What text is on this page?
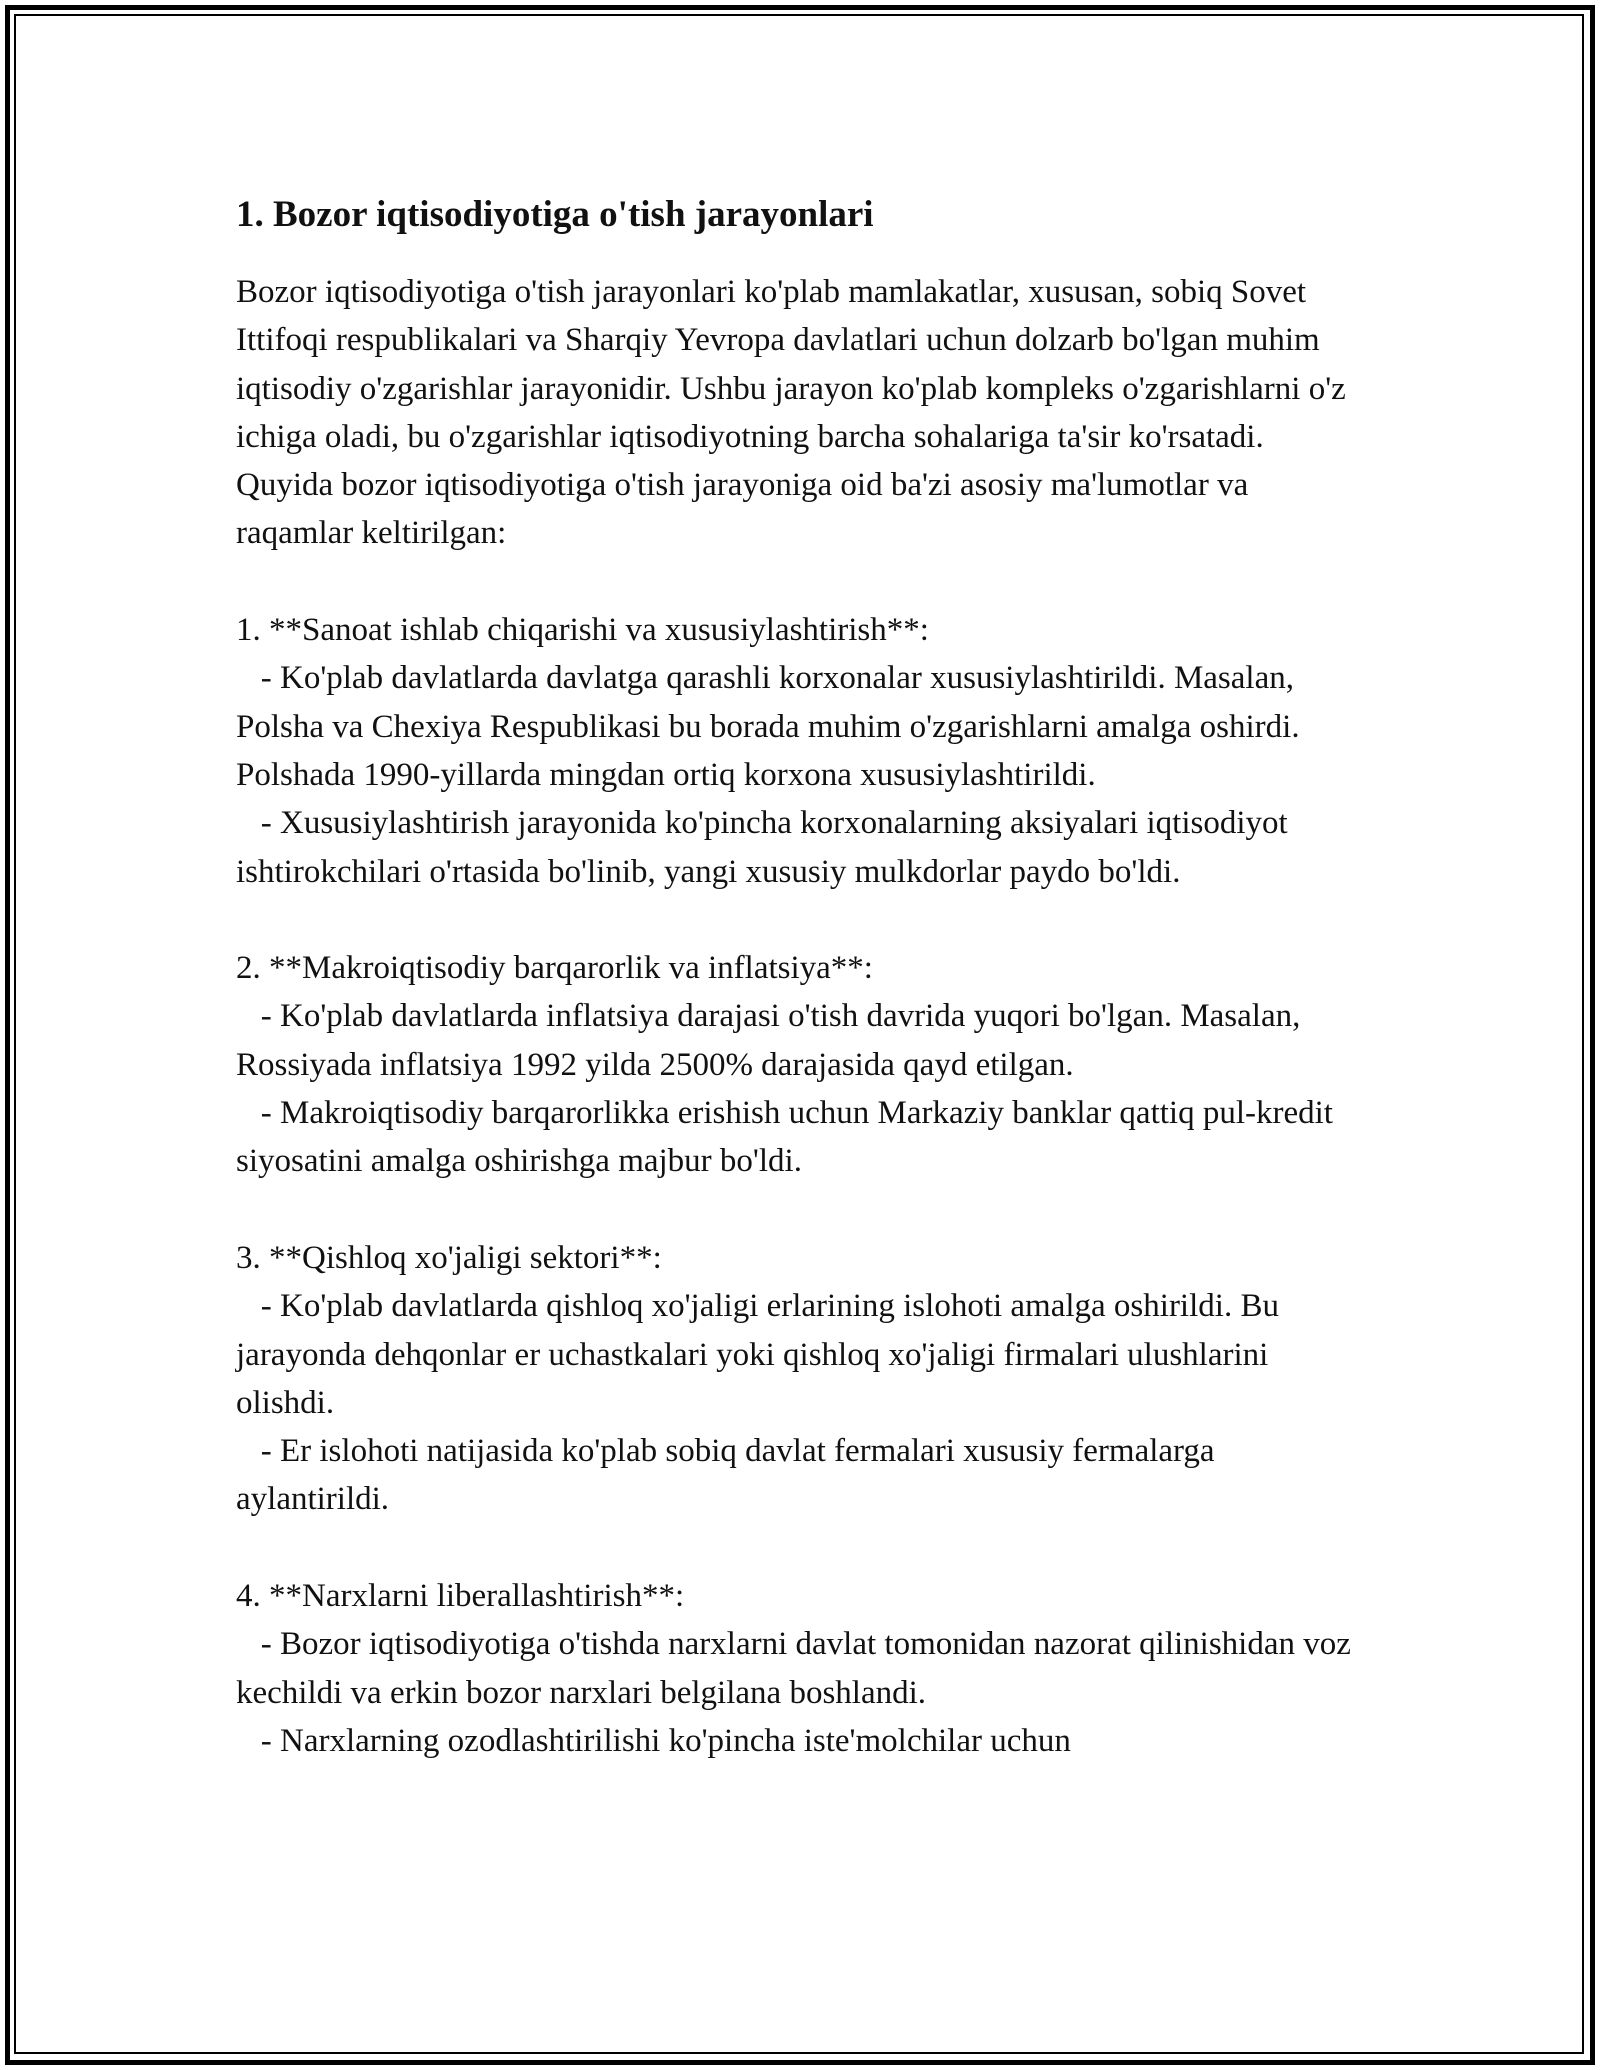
1. Bozor iqtisodiyotiga o'tish jarayonlari

Bozor iqtisodiyotiga o'tish jarayonlari ko'plab mamlakatlar, xususan, sobiq Sovet Ittifoqi respublikalari va Sharqiy Yevropa davlatlari uchun dolzarb bo'lgan muhim iqtisodiy o'zgarishlar jarayonidir. Ushbu jarayon ko'plab kompleks o'zgarishlarni o'z ichiga oladi, bu o'zgarishlar iqtisodiyotning barcha sohalariga ta'sir ko'rsatadi. Quyida bozor iqtisodiyotiga o'tish jarayoniga oid ba'zi asosiy ma'lumotlar va raqamlar keltirilgan:

1. **Sanoat ishlab chiqarishi va xususiylashtirish**:

- Ko'plab davlatlarda davlatga qarashli korxonalar xususiylashtirildi. Masalan, Polsha va Chexiya Respublikasi bu borada muhim o'zgarishlarni amalga oshirdi. Polshada 1990-yillarda mingdan ortiq korxona xususiylashtirildi.

- Xususiylashtirish jarayonida ko'pincha korxonalarning aksiyalari iqtisodiyot ishtirokchilari o'rtasida bo'linib, yangi xususiy mulkdorlar paydo bo'ldi.

2. **Makroiqtisodiy barqarorlik va inflatsiya**:

- Ko'plab davlatlarda inflatsiya darajasi o'tish davrida yuqori bo'lgan. Masalan, Rossiyada inflatsiya 1992 yilda 2500% darajasida qayd etilgan.

- Makroiqtisodiy barqarorlikka erishish uchun Markaziy banklar qattiq pul-kredit siyosatini amalga oshirishga majbur bo'ldi.

3. **Qishloq xo'jaligi sektori**:

- Ko'plab davlatlarda qishloq xo'jaligi erlarining islohoti amalga oshirildi. Bu jarayonda dehqonlar er uchastkalari yoki qishloq xo'jaligi firmalari ulushlarini olishdi.

- Er islohoti natijasida ko'plab sobiq davlat fermalari xususiy fermalarga aylantirildi.

4. **Narxlarni liberallashtirish**:

- Bozor iqtisodiyotiga o'tishda narxlarni davlat tomonidan nazorat qilinishidan voz kechildi va erkin bozor narxlari belgilana boshlandi.

- Narxlarning ozodlashtirilishi ko'pincha iste'molchilar uchun
